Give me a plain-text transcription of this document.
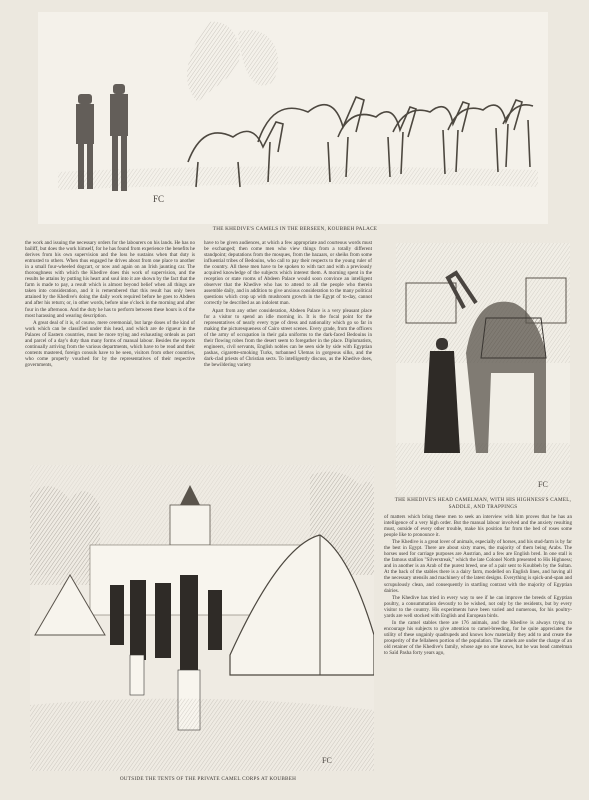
FC
THE KHEDIVE'S CAMELS IN THE BERSEEN, KOUBBEH PALACE

the work and issuing the necessary orders for the labourers on his lands. He has no bailiff, but does the work himself, for he has found from experience the benefits he derives from his own supervision and the loss he sustains when that duty is entrusted to others. When thus engaged he drives about from one place to another in a small four-wheeled dogcart, or now and again on an Irish jaunting car. The thoroughness with which the Khedive does this work of supervision, and the results he attains by putting his heart and soul into it are shown by the fact that the farm is made to pay, a result which is almost beyond belief when all things are taken into consideration, and it is remembered that this result has only been attained by the Khedive's doing the daily work required before he goes to Abdeen and after his return; or, in other words, before nine o'clock in the morning and after four in the afternoon. And the duty he has to perform between these hours is of the most harassing and wearing description.

A great deal of it is, of course, mere ceremonial, but large doses of the kind of work which can be classified under this head, and which are de rigueur in the Palaces of Eastern countries, must be more trying and exhausting ordeals as part and parcel of a day's duty than many forms of manual labour. Besides the reports continually arriving from the various departments, which have to be read and their contents mastered, foreign consuls have to be seen, visitors from other countries, who come properly vouched for by the representatives of their respective governments,

have to be given audiences, at which a few appropriate and courteous words must be exchanged; then come men who view things from a totally different standpoint; deputations from the mosques, from the bazaars, or sheiks from some influential tribes of Bedouins, who call to pay their respects to the young ruler of the country. All these men have to be spoken to with tact and with a previously acquired knowledge of the subjects which interest them. A morning spent in the reception or state rooms of Abdeen Palace would soon convince an intelligent observer that the Khedive who has to attend to all the people who therein assemble daily, and in addition to give anxious consideration to the many political questions which crop up with mushroom growth in the Egypt of to-day, cannot correctly be described as an indolent man.

Apart from any other consideration, Abdeen Palace is a very pleasant place for a visitor to spend an idle morning in. It is the focal point for the representatives of nearly every type of dress and nationality which go so far in making the picturesqueness of Cairo street scenes. Every grade, from the officers of the army of occupation in their gala uniforms to the dark-faced Bedouins in their flowing robes from the desert seem to foregather in the place. Diplomatists, engineers, civil servants, English nobles can be seen side by side with Egyptian pashas, cigarette-smoking Turks, turbanned Ulemas in gorgeous silks, and the dark-clad priests of Christian sects. To intelligently discuss, as the Khedive does, the bewildering variety

FC
THE KHEDIVE'S HEAD CAMELMAN, WITH HIS HIGHNESS'S CAMEL, SADDLE, AND TRAPPINGS
FC
OUTSIDE THE TENTS OF THE PRIVATE CAMEL CORPS AT KOUBBEH

of matters which bring these men to seek an interview with him proves that he has an intelligence of a very high order. But the manual labour involved and the anxiety resulting must, outside of every other trouble, make his position far from the bed of roses some people like to pronounce it.

The Khedive is a great lover of animals, especially of horses, and his stud-farm is by far the best in Egypt. There are about sixty mares, the majority of them being Arabs. The horses used for carriage purposes are Austrian, and a few are English bred. In one stall is the famous stallion "Silverstreak," which the late Colonel North presented to His Highness; and in another is an Arab of the purest breed, one of a pair sent to Koubbeh by the Sultan. At the back of the stables there is a dairy farm, modelled on English lines, and having all the necessary utensils and machinery of the latest designs. Everything is spick-and-span and scrupulously clean, and consequently in startling contrast with the majority of Egyptian dairies.

The Khedive has tried in every way to see if he can improve the breeds of Egyptian poultry, a consummation devoutly to be wished, not only by the residents, but by every visitor to the country. His experiments have been varied and numerous, for his poultry-yards are well stocked with English and European birds.

In the camel stables there are 176 animals, and the Khedive is always trying to encourage his subjects to give attention to camel-breeding, for he quite appreciates the utility of these ungainly quadrupeds and knows how materially they add to and create the prosperity of the fellaheen portion of the population. The camels are under the charge of an old retainer of the Khedive's family, whose age no one knows, but he was head camelman to Saïd Pasha forty years ago,
